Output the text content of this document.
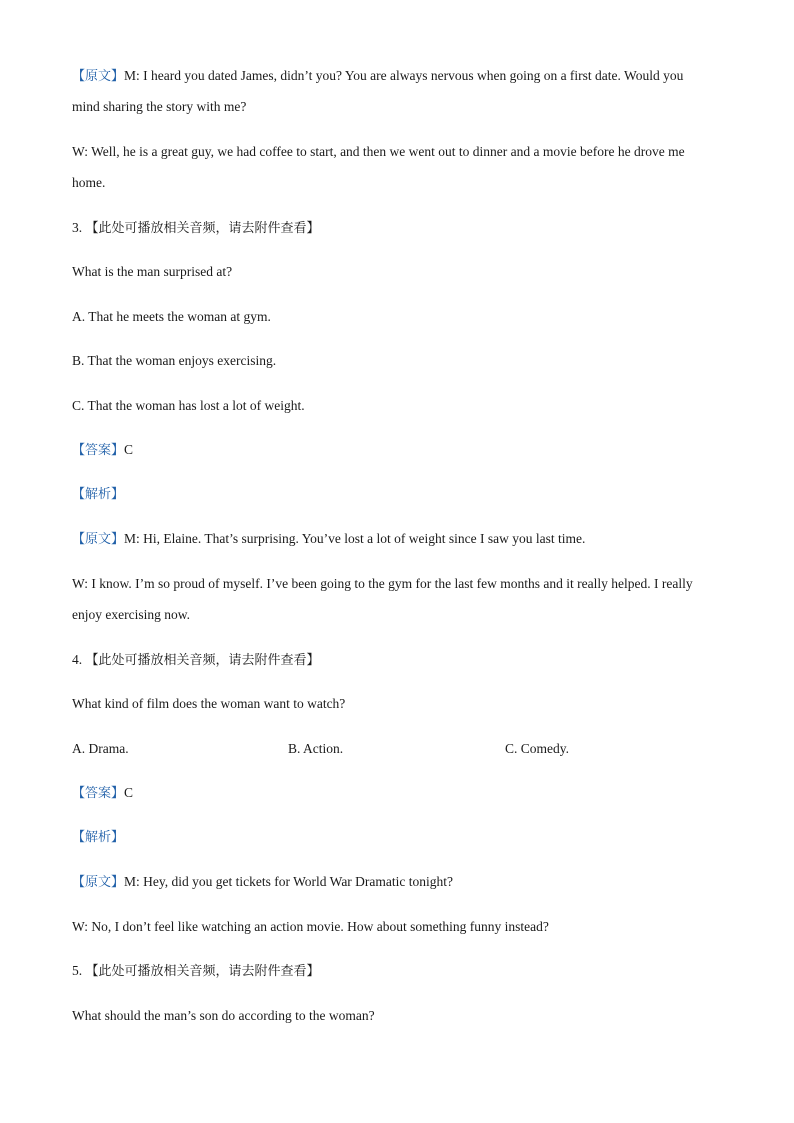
【原文】M: I heard you dated James, didn’t you? You are always nervous when going on a first date. Would you
mind sharing the story with me?
W: Well, he is a great guy, we had coffee to start, and then we went out to dinner and a movie before he drove me
home.
3. 【此处可播放相关音频，请去附件查看】
What is the man surprised at?
A. That he meets the woman at gym.
B. That the woman enjoys exercising.
C. That the woman has lost a lot of weight.
【答案】C
【解析】
【原文】M: Hi, Elaine. That’s surprising. You’ve lost a lot of weight since I saw you last time.
W: I know. I’m so proud of myself. I’ve been going to the gym for the last few months and it really helped. I really
enjoy exercising now.
4. 【此处可播放相关音频，请去附件查看】
What kind of film does the woman want to watch?
A. Drama.	B. Action.	C. Comedy.
【答案】C
【解析】
【原文】M: Hey, did you get tickets for World War Dramatic tonight?
W: No, I don’t feel like watching an action movie. How about something funny instead?
5. 【此处可播放相关音频，请去附件查看】
What should the man’s son do according to the woman?
